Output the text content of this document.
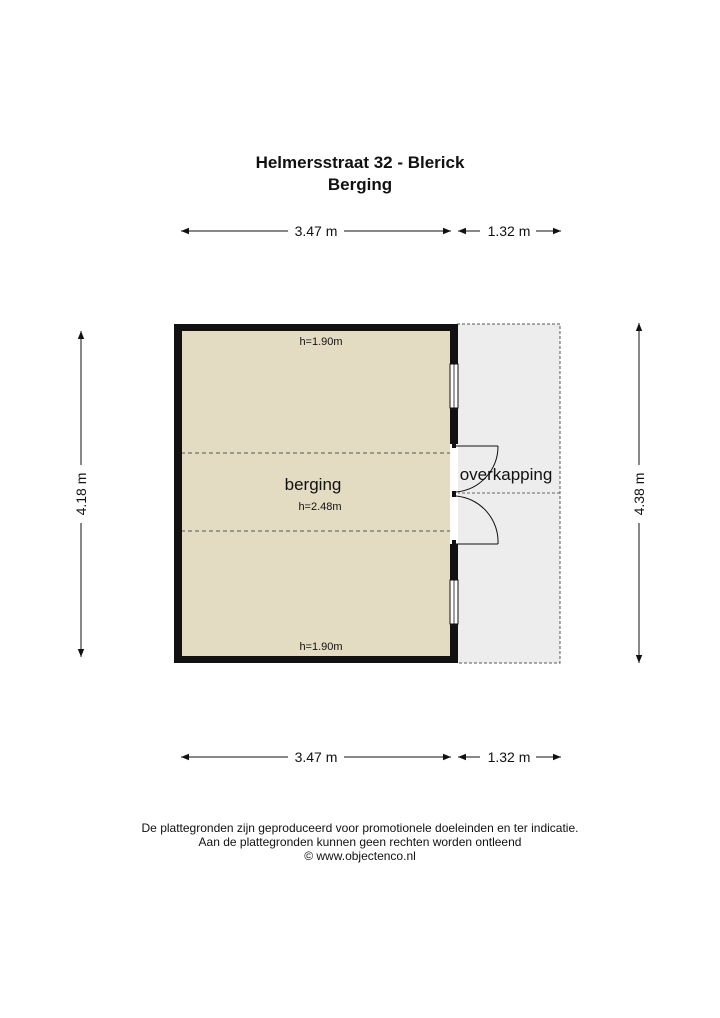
Helmersstraat 32 - Blerick
Berging
3.47 m	1.32 m
3.47 m	1.32 m
4.18 m	4.38 m
h=1.90m
berging
h=2.48m
h=1.90m
overkapping
De plattegronden zijn geproduceerd voor promotionele doeleinden en ter indicatie.
Aan de plattegronden kunnen geen rechten worden ontleend
© www.objectenco.nl
